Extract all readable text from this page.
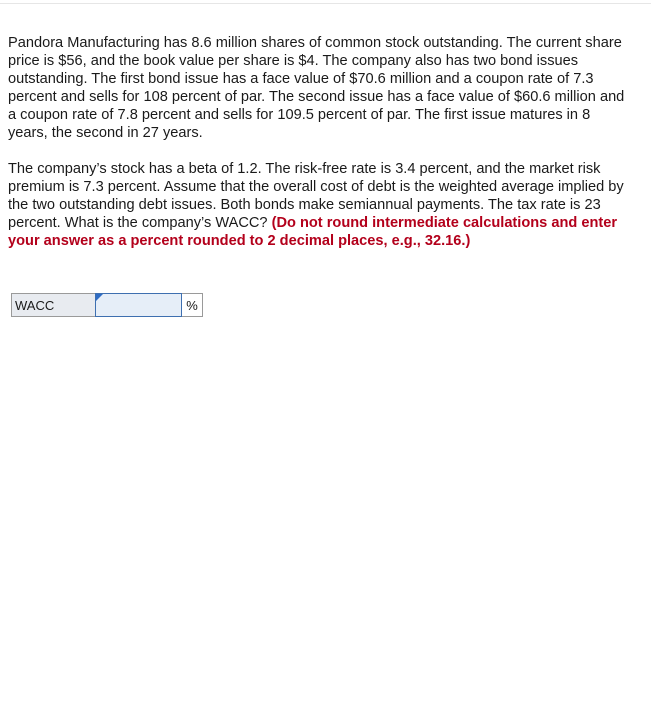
Pandora Manufacturing has 8.6 million shares of common stock outstanding. The current share price is $56, and the book value per share is $4. The company also has two bond issues outstanding. The first bond issue has a face value of $70.6 million and a coupon rate of 7.3 percent and sells for 108 percent of par. The second issue has a face value of $60.6 million and a coupon rate of 7.8 percent and sells for 109.5 percent of par. The first issue matures in 8 years, the second in 27 years.

The company’s stock has a beta of 1.2. The risk-free rate is 3.4 percent, and the market risk premium is 7.3 percent. Assume that the overall cost of debt is the weighted average implied by the two outstanding debt issues. Both bonds make semiannual payments. The tax rate is 23 percent. What is the company’s WACC? (Do not round intermediate calculations and enter your answer as a percent rounded to 2 decimal places, e.g., 32.16.)

WACC	%
